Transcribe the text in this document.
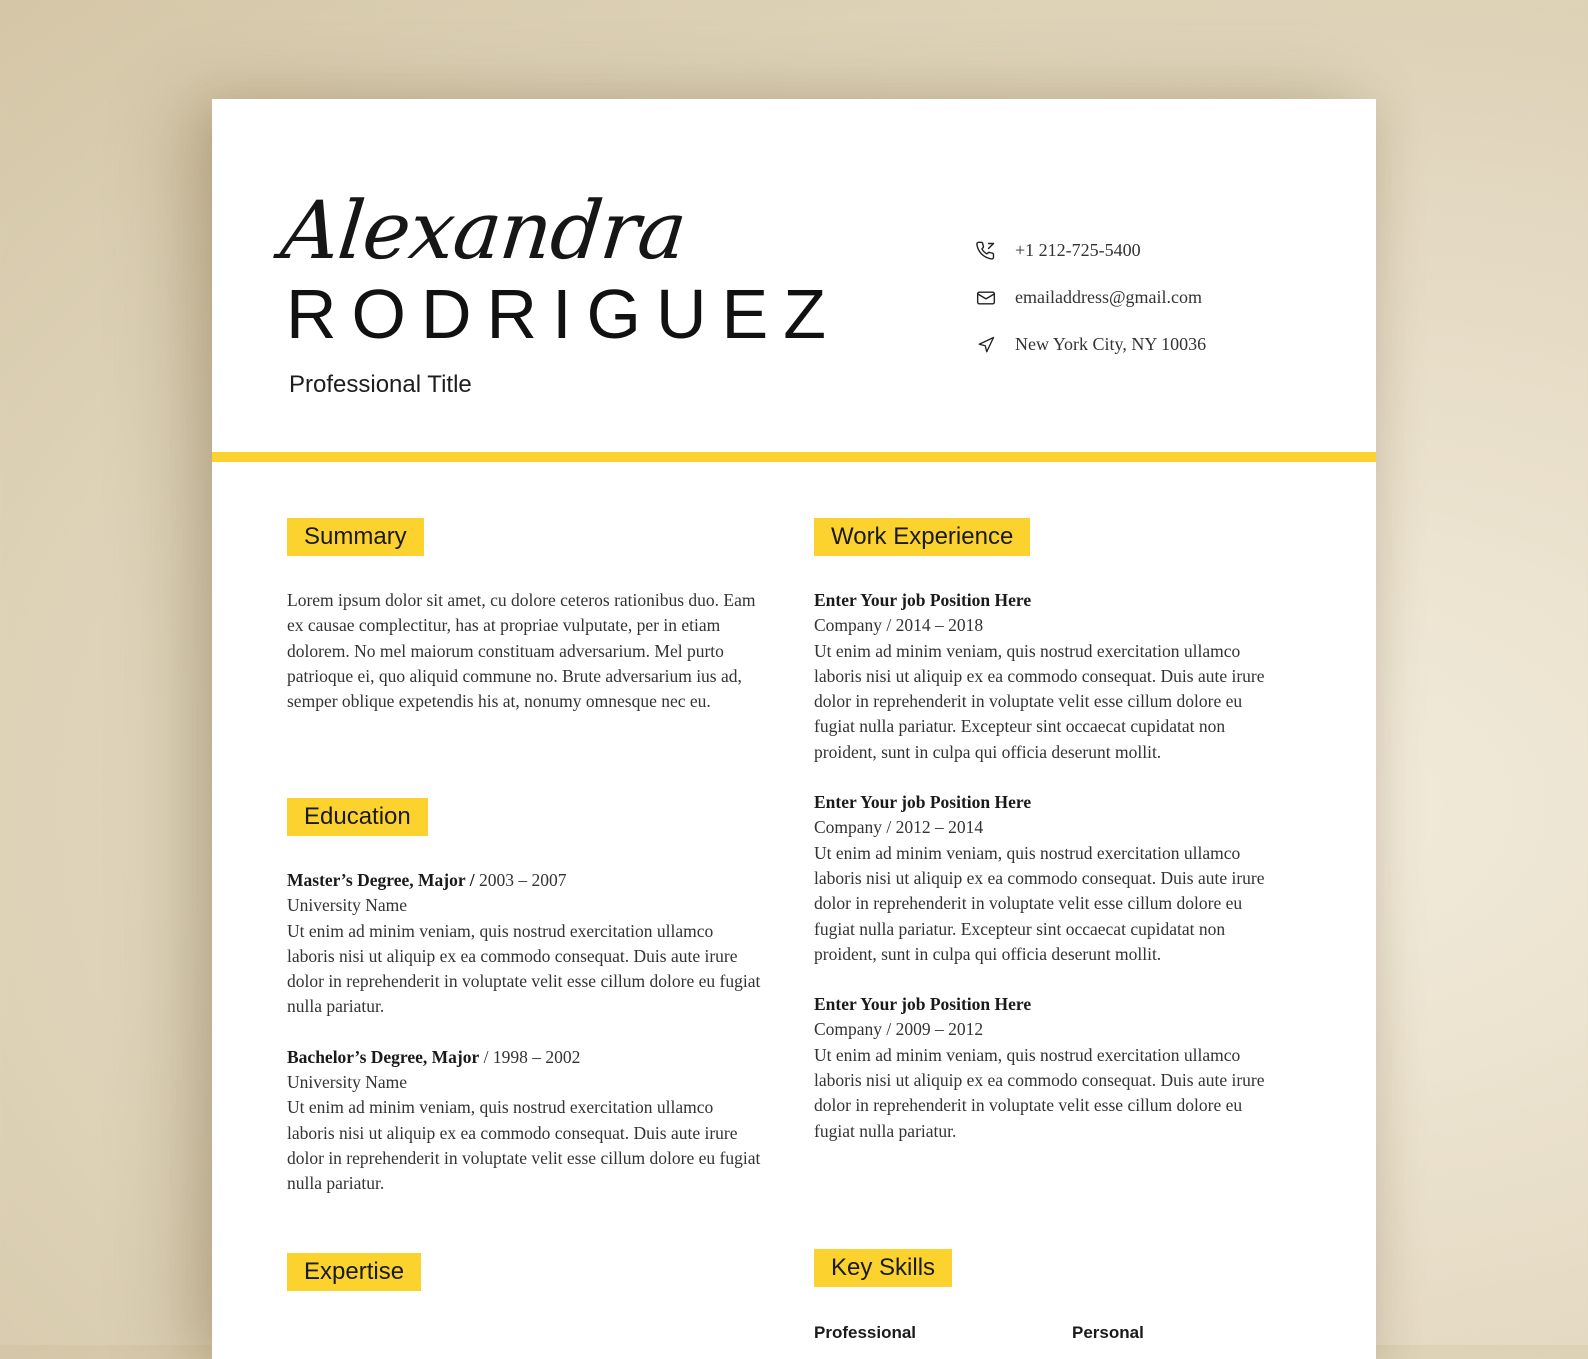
Alexandra
RODRIGUEZ
Professional Title
+1 212-725-5400
emailaddress@gmail.com
New York City, NY 10036
Summary

Lorem ipsum dolor sit amet, cu dolore ceteros rationibus duo. Eam ex causae complectitur, has at propriae vulputate, per in etiam dolorem. No mel maiorum constituam adversarium. Mel purto patrioque ei, quo aliquid commune no. Brute adversarium ius ad, semper oblique expetendis his at, nonumy omnesque nec eu.

Education

Master’s Degree, Major / 2003 – 2007

University Name

Ut enim ad minim veniam, quis nostrud exercitation ullamco laboris nisi ut aliquip ex ea commodo consequat. Duis aute irure dolor in reprehenderit in voluptate velit esse cillum dolore eu fugiat nulla pariatur.

Bachelor’s Degree, Major / 1998 – 2002

University Name

Ut enim ad minim veniam, quis nostrud exercitation ullamco laboris nisi ut aliquip ex ea commodo consequat. Duis aute irure dolor in reprehenderit in voluptate velit esse cillum dolore eu fugiat nulla pariatur.

Expertise
Work Experience

Enter Your job Position Here

Company / 2014 – 2018

Ut enim ad minim veniam, quis nostrud exercitation ullamco laboris nisi ut aliquip ex ea commodo consequat. Duis aute irure dolor in reprehenderit in voluptate velit esse cillum dolore eu fugiat nulla pariatur. Excepteur sint occaecat cupidatat non proident, sunt in culpa qui officia deserunt mollit.

Enter Your job Position Here

Company / 2012 – 2014

Ut enim ad minim veniam, quis nostrud exercitation ullamco laboris nisi ut aliquip ex ea commodo consequat. Duis aute irure dolor in reprehenderit in voluptate velit esse cillum dolore eu fugiat nulla pariatur. Excepteur sint occaecat cupidatat non proident, sunt in culpa qui officia deserunt mollit.

Enter Your job Position Here

Company / 2009 – 2012

Ut enim ad minim veniam, quis nostrud exercitation ullamco laboris nisi ut aliquip ex ea commodo consequat. Duis aute irure dolor in reprehenderit in voluptate velit esse cillum dolore eu fugiat nulla pariatur.

Key Skills
Professional	Personal
